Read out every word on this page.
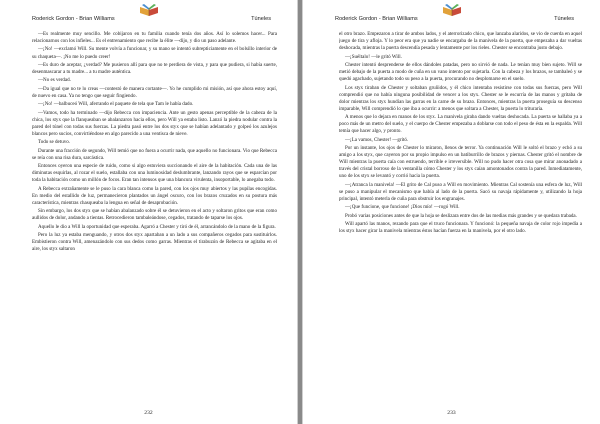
Roderick Gordon - Brian Williams	Túneles

—Es realmente muy sencillo. Me cobijaron en tu familia cuando tenía dos años. Así lo solemos hacer... Para relacionarnos con los infieles... Es el entrenamiento que recibe la élite —dijo, y dio un paso adelante.

—¡No! —exclamó Will. Su mente volvía a funcionar, y su mano se intentó subrepticiamente en el bolsillo interior de su chaqueta—. ¡No me lo puedo creer!

—Es duro de aceptar, ¿verdad? Me pusieron allí para que no te perdiera de vista, y para que pudiera, si había suerte, desenmascarar a tu madre... a tu madre auténtica.

—No es verdad.

—Da igual que no te lo creas —contestó de manera cortante—. Yo he cumplido mi misión, así que ahora estoy aquí, de nuevo en casa. Ya no tengo que seguir fingiendo.

—¡No! —balbuceó Will, aferrando el paquete de tela que Tam le había dado.

—Vamos, todo ha terminado —dijo Rebecca con impaciencia. Ante un gesto apenas perceptible de la cabeza de la chica, los styx que la flanqueaban se abalanzaron hacia ellos, pero Will ya estaba listo. Lanzó la piedra nodular contra la pared del túnel con todas sus fuerzas. La piedra pasó entre los dos styx que se habían adelantado y golpeó los azulejos blancos pero sucios, convirtiéndose en algo parecido a una ventisca de nieve.

Todo se detuvo.

Durante una fracción de segundo, Will temió que no fuera a ocurrir nada, que aquello no funcionara. Vio que Rebecca se reía con una risa dura, sarcástica.

Entonces oyeron una especie de ruido, como si algo estuviera succionando el aire de la habitación. Cada una de las diminutas esquirlas, al rozar el suelo, estallaba con una luminosidad deslumbrante, lanzando rayos que se esparcían por toda la habitación como un millón de focos. Eran tan intensos que una blancura virulenta, insoportable, lo anegaba todo.

A Rebecca extrañamente se le puso la cara blanca como la pared, con los ojos muy abiertos y las pupilas encogidas. En medio del estallido de luz, permanecieron plantados un ángel oscuro, con los brazos cruzados en su postura más característica, mientras chasqueaba la lengua en señal de desaprobación.

Sin embargo, los dos styx que se habían abalanzado sobre él se detuvieron en el acto y soltaron gritos que eran como aullidos de dolor, andando a tientas. Retrocedieron tambaleándose, cegados, tratando de taparse los ojos.

Aquello le dio a Will la oportunidad que esperaba. Agarró a Chester y tiró de él, arrancándolo de la mano de la figura.

Pero la luz ya estaba menguando, y otros dos styx apartaban a un lado a sus compañeros cegados para sustituirlos. Embistieron contra Will, amenazándolo con sus dedos como garras. Mientras el tirabuzón de Rebecca se agitaba en el aire, los styx saltaron

232
Roderick Gordon - Brian Williams	Túneles

el otro brazo. Empezaron a tirar de ambos lados, y el aterrorizado chico, que lanzaba alaridos, se vio de cuerda en aquel juego de tira y afloja. Y lo peor era que ya nadie se encargaba de la manivela de la puerta, que empezaba a dar vueltas deshocada, mientras la puerta descendía pesada y lentamente por los rieles. Chester se encontraba justo debajo.

—¡Suéltalo! —le gritó Will.

Chester intentó desprenderse de ellos dándoles patadas, pero no sirvió de nada. Le tenían muy bien sujeto. Will se metió debajo de la puerta a modo de cuña en un vano intento por sujetarla. Con la cabeza y los brazos, se tambaleó y se quedó agachado, sujetando todo su peso a la puerta, procurando no desplomarse en el suelo.

Los styx tiraban de Chester y soltaban gruñidos, y él chico intentaba resistirse con todas sus fuerzas, pero Will comprendió que no había ninguna posibilidad de vencer a los styx. Chester se le escurría de las manos y gritaba de dolor mientras los styx hundían las garras en la carne de su brazo. Entonces, mientras la puerta proseguía su descenso imparable, Will comprendió lo que iba a ocurrir: a menos que soltara a Chester, la puerta lo trituraría.

A menos que lo dejara en manos de los styx. La manivela giraba dando vueltas deshocada. La puerta se hallaba ya a poco más de un metro del suelo, y el cuerpo de Chester empezaba a doblarse con todo el peso de ésta en la espalda. Will temía que hacer algo, y pronto.

—¡La vamos, Chester! —gritó.

Por un instante, los ojos de Chester lo miraron, llenos de terror. Ya continuación Will le soltó el brazo y echó a su amigo a los styx, que cayeron por su propio impulso en un batiburrillo de brazos y piernas. Chester gritó el nombre de Will mientras la puerta caía con estruendo, terrible e irreversible. Will no pudo hacer otra cosa que mirar anonadado a través del cristal borroso de la ventanilla cómo Chester y los styx caían amontonados contra la pared. Inmediatamente, uno de los styx se levantó y corrió hacia la puerta.

—¡Atranca la manivela! —El grito de Cal puso a Will en movimiento. Mientras Cal sostenía una esfera de luz, Will se puso a manipular el mecanismo que había al lado de la puerta. Sacó su navaja rápidamente y, utilizando la hoja principal, intentó meterla de cuña para obstruir los engranajes.

—¡Que funcione, que funcione! ¡Dios mío! —rogó Will.

Probó varias posiciones antes de que la hoja se deslizara entre dos de las medias más grandes y se quedara trabada.

Will apartó las manos, rezando para que el truco funcionara. Y funcionó: la pequeña navaja de color rojo impedía a los styx hacer girar la manivela mientras éstos hacían fuerza en la manivela, por el otro lado.

233
